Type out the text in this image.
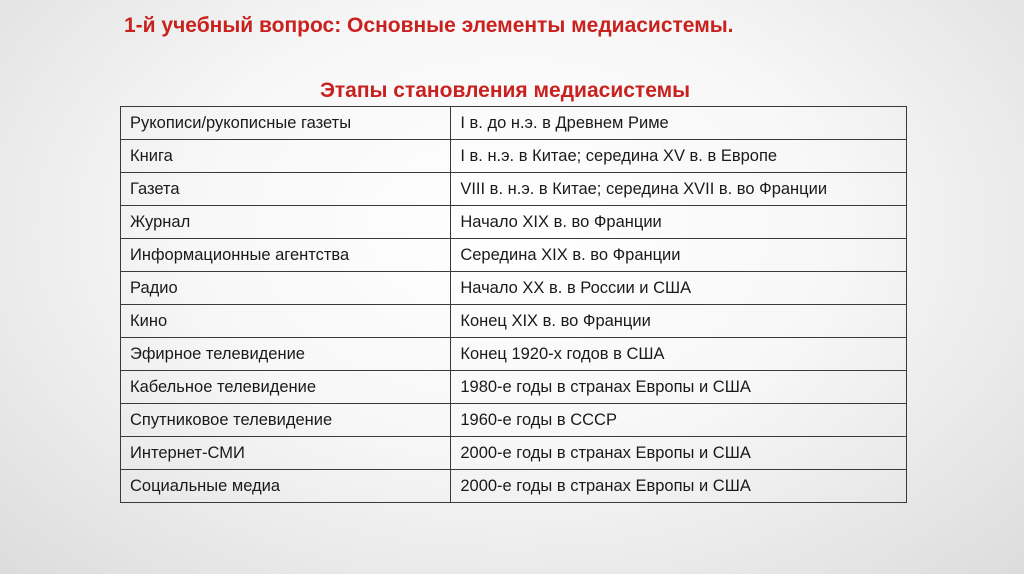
1-й учебный вопрос: Основные элементы медиасистемы.
Этапы становления медиасистемы
Рукописи/рукописные газеты	I в. до н.э. в Древнем Риме
Книга	I в. н.э. в Китае; середина XV в. в Европе
Газета	VIII в. н.э. в Китае; середина XVII в. во Франции
Журнал	Начало XIX в. во Франции
Информационные агентства	Середина XIX в. во Франции
Радио	Начало XX в. в России и США
Кино	Конец XIX в. во Франции
Эфирное телевидение	Конец 1920-х годов в США
Кабельное телевидение	1980-е годы в странах Европы и США
Спутниковое телевидение	1960-е годы в СССР
Интернет-СМИ	2000-е годы в странах Европы и США
Социальные медиа	2000-е годы в странах Европы и США
